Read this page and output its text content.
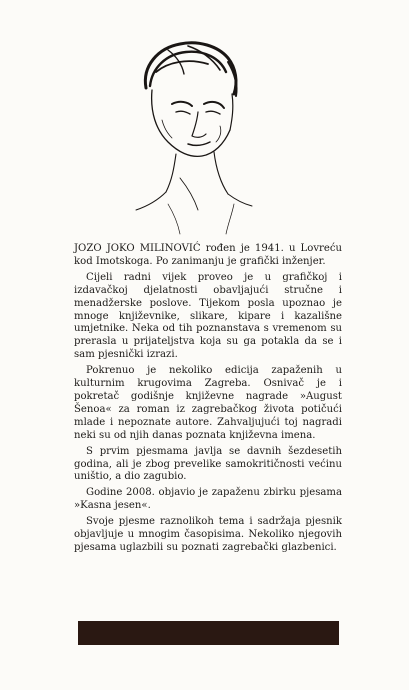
JOZO JOKO MILINOVIĆ rođen je 1941. u Lovreću kod Imotskoga. Po zanimanju je grafički inženjer.

Cijeli radni vijek proveo je u grafičkoj i izdavačkoj djelatnosti obavljajući stručne i menadžerske poslove. Tijekom posla upoznao je mnoge književnike, slikare, kipare i kazališne umjetnike. Neka od tih poznanstava s vremenom su prerasla u prijateljstva koja su ga potakla da se i sam pjesnički izrazi.

Pokrenuo je nekoliko edicija zapaženih u kulturnim krugovima Zagreba. Osnivač je i pokretač godišnje književne nagrade »August Šenoa« za roman iz zagrebačkog života potičući mlade i nepoznate autore. Zahvaljujući toj nagradi neki su od njih danas poznata književna imena.

S prvim pjesmama javlja se davnih šezdesetih godina, ali je zbog prevelike samokritičnosti većinu uništio, a dio zagubio.

Godine 2008. objavio je zapaženu zbirku pjesama »Kasna jesen«.

Svoje pjesme raznolikoh tema i sadržaja pjesnik objavljuje u mnogim časopisima. Nekoliko njegovih pjesama uglazbili su poznati zagrebački glazbenici.
